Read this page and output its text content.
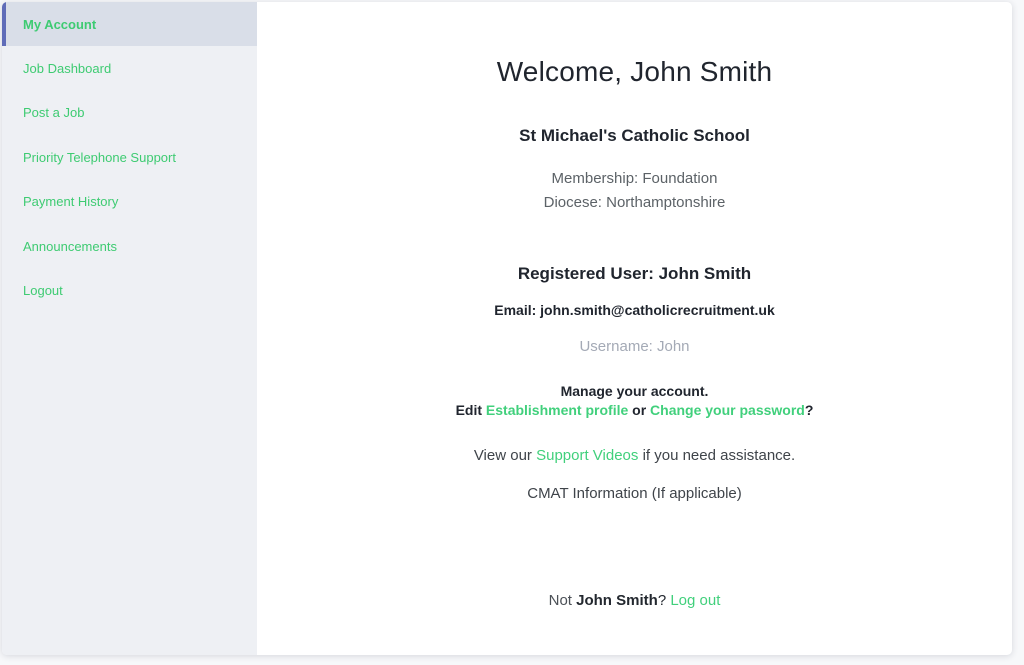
My Account
Job Dashboard
Post a Job
Priority Telephone Support
Payment History
Announcements
Logout
Welcome, John Smith
St Michael's Catholic School
Membership: Foundation
Diocese: Northamptonshire
Registered User: John Smith
Email: john.smith@catholicrecruitment.uk
Username: John
Manage your account.
Edit Establishment profile or Change your password?
View our Support Videos if you need assistance.
CMAT Information (If applicable)
Not John Smith? Log out
